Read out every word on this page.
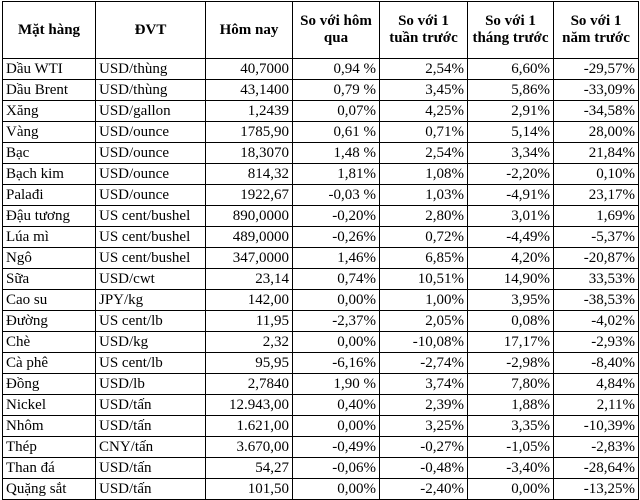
Mặt hàng	ĐVT	Hôm nay	So với hôm qua	So với 1 tuần trước	So với 1 tháng trước	So với 1 năm trước
Dầu WTI	USD/thùng	40,7000	0,94 %	2,54%	6,60%	-29,57%
Dầu Brent	USD/thùng	43,1400	0,79 %	3,45%	5,86%	-33,09%
Xăng	USD/gallon	1,2439	0,07%	4,25%	2,91%	-34,58%
Vàng	USD/ounce	1785,90	0,61 %	0,71%	5,14%	28,00%
Bạc	USD/ounce	18,3070	1,48 %	2,54%	3,34%	21,84%
Bạch kim	USD/ounce	814,32	1,81%	1,08%	-2,20%	0,10%
Palađi	USD/ounce	1922,67	-0,03 %	1,03%	-4,91%	23,17%
Đậu tương	US cent/bushel	890,0000	-0,20%	2,80%	3,01%	1,69%
Lúa mì	US cent/bushel	489,0000	-0,26%	0,72%	-4,49%	-5,37%
Ngô	US cent/bushel	347,0000	1,46%	6,85%	4,20%	-20,87%
Sữa	USD/cwt	23,14	0,74%	10,51%	14,90%	33,53%
Cao su	JPY/kg	142,00	0,00%	1,00%	3,95%	-38,53%
Đường	US cent/lb	11,95	-2,37%	2,05%	0,08%	-4,02%
Chè	USD/kg	2,32	0,00%	-10,08%	17,17%	-2,93%
Cà phê	US cent/lb	95,95	-6,16%	-2,74%	-2,98%	-8,40%
Đồng	USD/lb	2,7840	1,90 %	3,74%	7,80%	4,84%
Nickel	USD/tấn	12.943,00	0,40%	2,39%	1,88%	2,11%
Nhôm	USD/tấn	1.621,00	0,00%	3,25%	3,35%	-10,39%
Thép	CNY/tấn	3.670,00	-0,49%	-0,27%	-1,05%	-2,83%
Than đá	USD/tấn	54,27	-0,06%	-0,48%	-3,40%	-28,64%
Quặng sắt	USD/tấn	101,50	0,00%	-2,40%	0,00%	-13,25%
